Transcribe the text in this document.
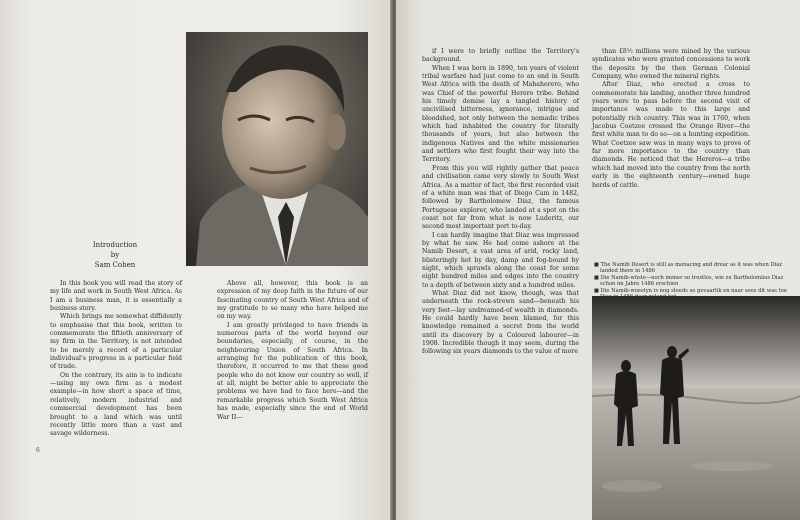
Introduction
by
Sam Cohen

In this book you will read the story of my life and work in South West Africa. As I am a business man, it is essentially a business story.

Which brings me somewhat diffidently to emphasise that this book, written to commemorate the fiftieth anniversary of my firm in the Territory, is not intended to be merely a record of a particular individual's progress in a particular field of trade.

On the contrary, its aim is to indicate—using my own firm as a modest example—in how short a space of time, relatively, modern industrial and commercial development has been brought to a land which was until recently little more than a vast and savage wilderness.

Above all, however, this book is an expression of my deep faith in the future of our fascinating country of South West Africa and of my gratitude to so many who have helped me on my way.

I am greatly privileged to have friends in numerous parts of the world beyond our boundaries, especially, of course, in the neighbouring Union of South Africa. In arranging for the publication of this book, therefore, it occurred to me that these good people who do not know our country so well, if at all, might be better able to appreciate the problems we have had to face here—and the remarkable progress which South West Africa has made, especially since the end of World War II—

6

if I were to briefly outline the Territory's background.

When I was born in 1890, ten years of violent tribal warfare had just come to an end in South West Africa with the death of Mahaherero, who was Chief of the powerful Herero tribe. Behind his timely demise lay a tangled history of uncivilised bitterness, ignorance, intrigue and bloodshed, not only between the nomadic tribes which had inhabited the country for literally thousands of years, but also between the indigenous Natives and the white missionaries and settlers who first fought their way into the Territory.

From this you will rightly gather that peace and civilisation came very slowly to South West Africa. As a matter of fact, the first recorded visit of a white man was that of Diego Cam in 1482, followed by Bartholomew Diaz, the famous Portuguese explorer, who landed at a spot on the coast not far from what is now Luderitz, our second most important port to-day.

I can hardly imagine that Diaz was impressed by what he saw. He had come ashore at the Namib Desert, a vast area of arid, rocky land, blisteringly hot by day, damp and fog-bound by night, which sprawls along the coast for some eight hundred miles and edges into the country to a depth of between sixty and a hundred miles.

What Diaz did not know, though, was that underneath the rock-strewn sand—beneath his very feet—lay undreamed-of wealth in diamonds. He could hardly have been blamed, for this knowledge remained a secret from the world until its discovery by a Coloured labourer—in 1908. Incredible though it may seem, during the following six years diamonds to the value of more

than £8½ millions were mined by the various syndicates who were granted concessions to work the deposits by the then German Colonial Company, who owned the mineral rights.

After Diaz, who erected a cross to commemorate his landing, another three hundred years were to pass before the second visit of importance was made to this large and potentially rich country. This was in 1760, when Jacobus Coetzee crossed the Orange River—the first white man to do so—on a hunting expedition. What Coetzee saw was in many ways to prove of far more importance to the country than diamonds. He noticed that the Hereros—a tribe which had moved into the country from the north early in the eighteenth century—owned huge herds of cattle.

■ The Namib Desert is still as menacing and drear as it was when Diaz landed there in 1486
■ Die Namib-wüste—noch immer so trostlos, wie zu Bartholomäus Diaz schon im Jahre 1486 erschien
■ Die Namib-woestyn is nog steeds so gevaarlik en naar soos dit was toe
